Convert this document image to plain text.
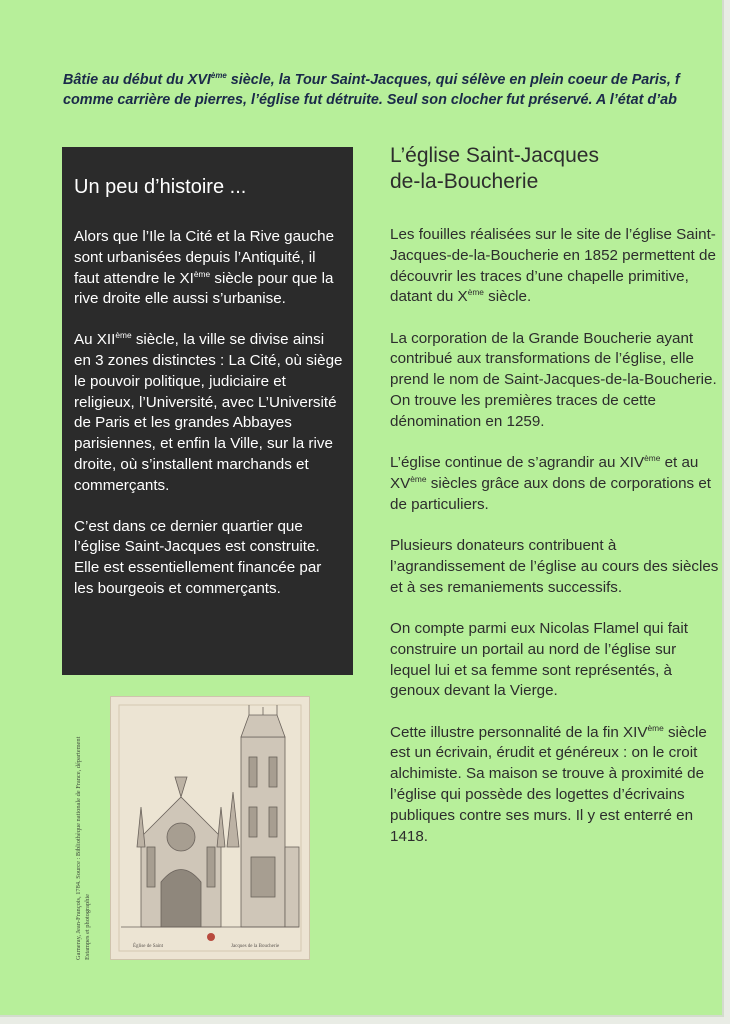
Bâtie au début du XVIème siècle, la Tour Saint-Jacques, qui sélève en plein coeur de Paris, f
comme carrière de pierres, l’église fut détruite. Seul son clocher fut préservé. A l’état d’ab
Un peu d’histoire ...

Alors que l’Ile la Cité et la Rive gauche sont urbanisées depuis l’Antiquité, il faut attendre le XIème siècle pour que la rive droite elle aussi s’urbanise.

Au XIIème siècle, la ville se divise ainsi en 3 zones distinctes : La Cité, où siège le pouvoir politique, judiciaire et religieux, l’Université, avec L’Université de Paris et les grandes Abbayes parisiennes, et enfin la Ville, sur la rive droite, où s’installent marchands et commerçants.

C’est dans ce dernier quartier que l’église Saint-Jacques est construite.

Elle est essentiellement financée par les bourgeois et commerçants.

Garneray, Jean-François, 1784. Source : Bibliothèque nationale de France, département Estampes et photographie	Église de Saint	Jacques de la Boucherie
L’église Saint-Jacques
de-la-Boucherie

Les fouilles réalisées sur le site de l’église Saint-Jacques-de-la-Boucherie en 1852 permettent de découvrir les traces d’une chapelle primitive, datant du Xème siècle.

La corporation de la Grande Boucherie ayant contribué aux transformations de l’église, elle prend le nom de Saint-Jacques-de-la-Boucherie.
On trouve les premières traces de cette dénomination en 1259.

L’église continue de s’agrandir au XIVème et au XVème siècles grâce aux dons de corporations et de particuliers.

Plusieurs donateurs contribuent à l’agrandissement de l’église au cours des siècles et à ses remaniements successifs.

On compte parmi eux Nicolas Flamel qui fait construire un portail au nord de l’église sur lequel lui et sa femme sont représentés, à genoux devant la Vierge.

Cette illustre personnalité de la fin XIVème siècle est un écrivain, érudit et généreux : on le croit alchimiste. Sa maison se trouve à proximité de l’église qui possède des logettes d’écrivains publiques contre ses murs. Il y est enterré en 1418.
